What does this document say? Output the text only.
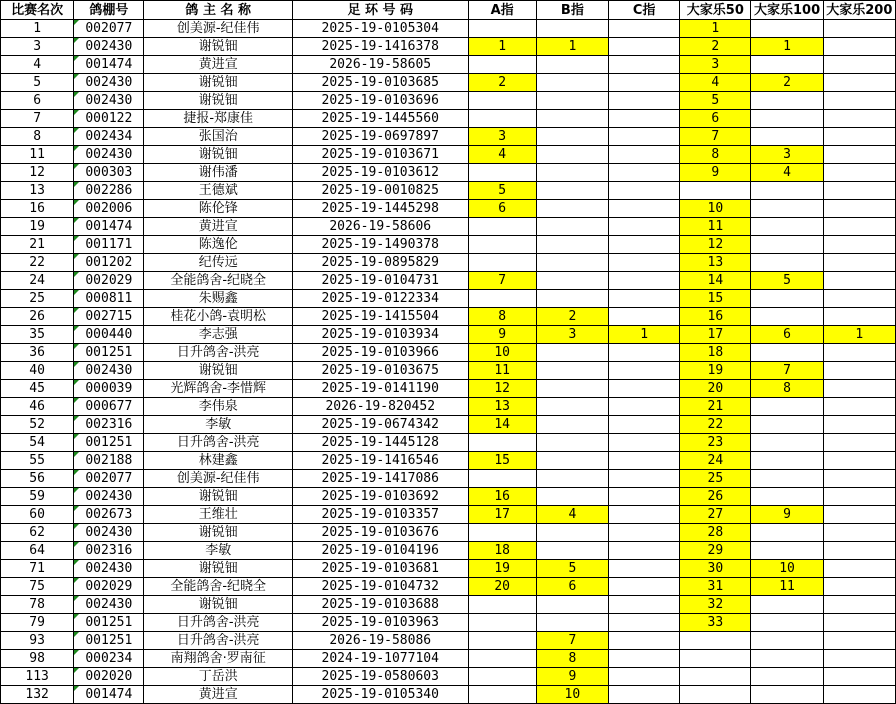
比赛名次	鸽棚号	鸽 主 名 称	足 环 号 码	A指	B指	C指	大家乐50	大家乐100	大家乐200
1	002077	创美源-纪佳伟	2025-19-0105304				1		
3	002430	谢锐钿	2025-19-1416378	1	1		2	1	
4	001474	黄进宣	2026-19-58605				3		
5	002430	谢锐钿	2025-19-0103685	2			4	2	
6	002430	谢锐钿	2025-19-0103696				5		
7	000122	捷报-郑康佳	2025-19-1445560				6		
8	002434	张国治	2025-19-0697897	3			7		
11	002430	谢锐钿	2025-19-0103671	4			8	3	
12	000303	谢伟潘	2025-19-0103612				9	4	
13	002286	王德斌	2025-19-0010825	5					
16	002006	陈伦锋	2025-19-1445298	6			10		
19	001474	黄进宣	2026-19-58606				11		
21	001171	陈逸伦	2025-19-1490378				12		
22	001202	纪传远	2025-19-0895829				13		
24	002029	全能鸽舍-纪晓全	2025-19-0104731	7			14	5	
25	000811	朱赐鑫	2025-19-0122334				15		
26	002715	桂花小鸽-袁明松	2025-19-1415504	8	2		16		
35	000440	李志强	2025-19-0103934	9	3	1	17	6	1
36	001251	日升鸽舍-洪亮	2025-19-0103966	10			18		
40	002430	谢锐钿	2025-19-0103675	11			19	7	
45	000039	光辉鸽舍-李惜辉	2025-19-0141190	12			20	8	
46	000677	李伟泉	2026-19-820452	13			21		
52	002316	李敏	2025-19-0674342	14			22		
54	001251	日升鸽舍-洪亮	2025-19-1445128				23		
55	002188	林建鑫	2025-19-1416546	15			24		
56	002077	创美源-纪佳伟	2025-19-1417086				25		
59	002430	谢锐钿	2025-19-0103692	16			26		
60	002673	王维壮	2025-19-0103357	17	4		27	9	
62	002430	谢锐钿	2025-19-0103676				28		
64	002316	李敏	2025-19-0104196	18			29		
71	002430	谢锐钿	2025-19-0103681	19	5		30	10	
75	002029	全能鸽舍-纪晓全	2025-19-0104732	20	6		31	11	
78	002430	谢锐钿	2025-19-0103688				32		
79	001251	日升鸽舍-洪亮	2025-19-0103963				33		
93	001251	日升鸽舍-洪亮	2026-19-58086		7				
98	000234	南翔鸽舍·罗南征	2024-19-1077104		8				
113	002020	丁岳洪	2025-19-0580603		9				
132	001474	黄进宣	2025-19-0105340		10				
